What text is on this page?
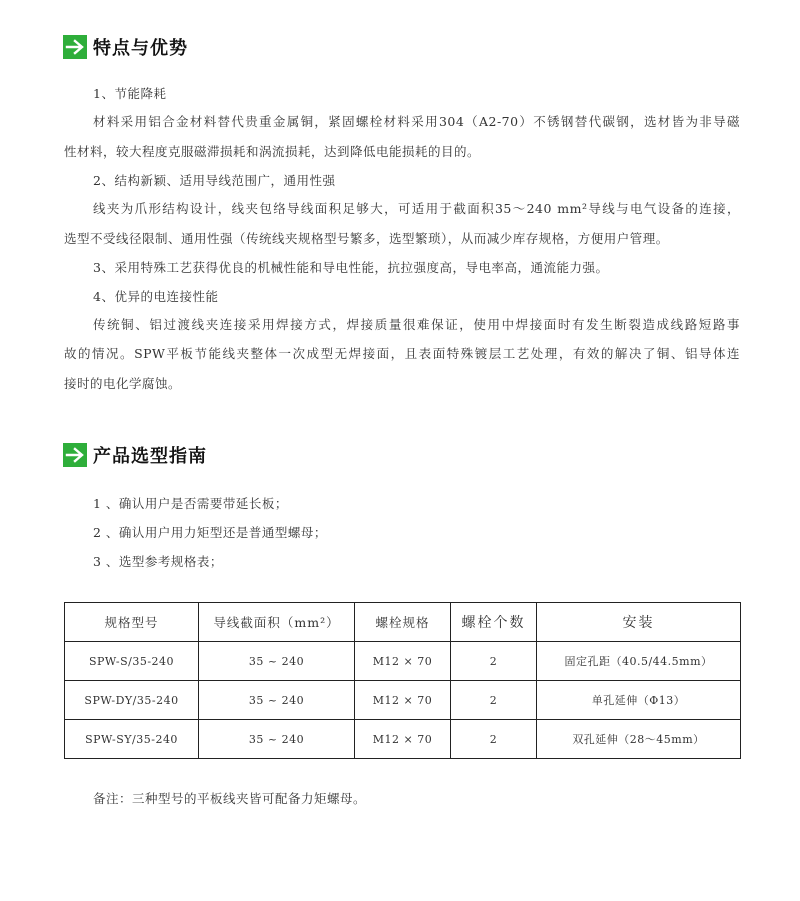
特点与优势
1、节能降耗
材料采用铝合金材料替代贵重金属铜，紧固螺栓材料采用304（A2-70）不锈钢替代碳钢，选材皆为非导磁
性材料，较大程度克服磁滞损耗和涡流损耗，达到降低电能损耗的目的。
2、结构新颖、适用导线范围广，通用性强
线夹为爪形结构设计，线夹包络导线面积足够大，可适用于截面积35～240 mm²导线与电气设备的连接，
选型不受线径限制、通用性强（传统线夹规格型号繁多，选型繁琐），从而减少库存规格，方便用户管理。
3、采用特殊工艺获得优良的机械性能和导电性能，抗拉强度高，导电率高，通流能力强。
4、优异的电连接性能
传统铜、铝过渡线夹连接采用焊接方式，焊接质量很难保证，使用中焊接面时有发生断裂造成线路短路事
故的情况。SPW平板节能线夹整体一次成型无焊接面，且表面特殊镀层工艺处理，有效的解决了铜、铝导体连
接时的电化学腐蚀。
产品选型指南
1 、确认用户是否需要带延长板；
2 、确认用户用力矩型还是普通型螺母；
3 、选型参考规格表；
规格型号	导线截面积（mm²）	螺栓规格	螺栓个数	安装
SPW-S/35-240	35 ~ 240	M12 × 70	2	固定孔距（40.5/44.5mm）
SPW-DY/35-240	35 ~ 240	M12 × 70	2	单孔延伸（Φ13）
SPW-SY/35-240	35 ~ 240	M12 × 70	2	双孔延伸（28～45mm）
备注：三种型号的平板线夹皆可配备力矩螺母。
